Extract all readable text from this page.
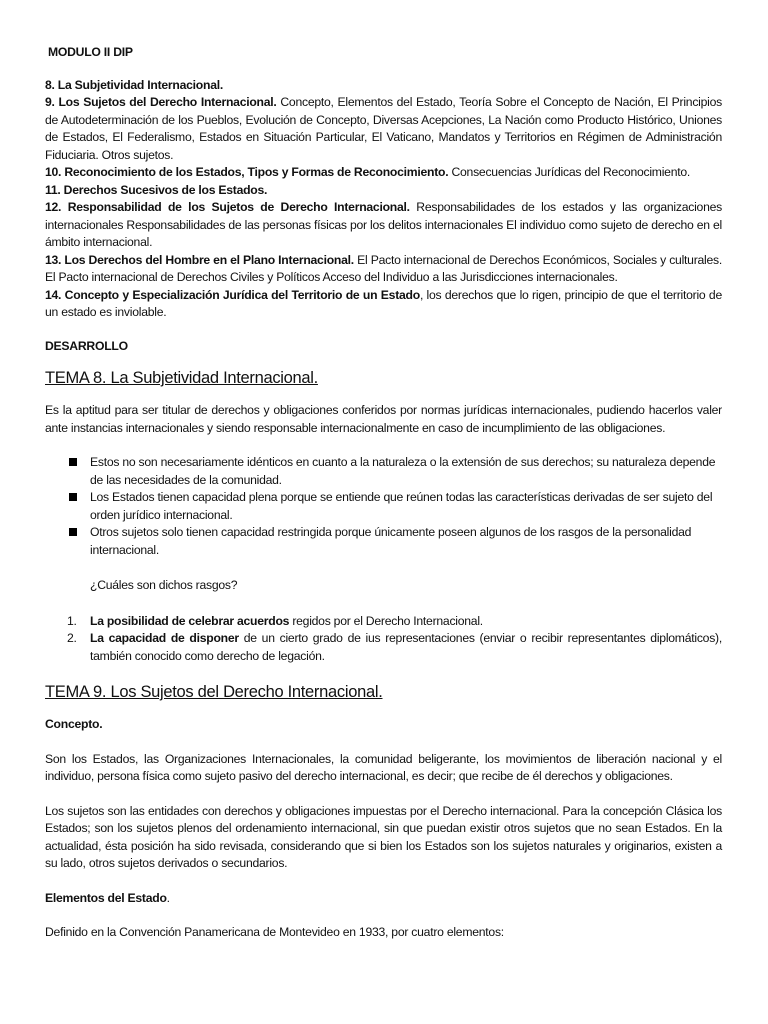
MODULO II DIP

8. La Subjetividad Internacional.

9. Los Sujetos del Derecho Internacional. Concepto, Elementos del Estado, Teoría Sobre el Concepto de Nación, El Principios de Autodeterminación de los Pueblos, Evolución de Concepto, Diversas Acepciones, La Nación como Producto Histórico, Uniones de Estados, El Federalismo, Estados en Situación Particular, El Vaticano, Mandatos y Territorios en Régimen de Administración Fiduciaria. Otros sujetos.

10. Reconocimiento de los Estados, Tipos y Formas de Reconocimiento. Consecuencias Jurídicas del Reconocimiento.

11. Derechos Sucesivos de los Estados.

12. Responsabilidad de los Sujetos de Derecho Internacional. Responsabilidades de los estados y las organizaciones internacionales Responsabilidades de las personas físicas por los delitos internacionales El individuo como sujeto de derecho en el ámbito internacional.

13. Los Derechos del Hombre en el Plano Internacional. El Pacto internacional de Derechos Económicos, Sociales y culturales. El Pacto internacional de Derechos Civiles y Políticos Acceso del Individuo a las Jurisdicciones internacionales.

14. Concepto y Especialización Jurídica del Territorio de un Estado, los derechos que lo rigen, principio de que el territorio de un estado es inviolable.

DESARROLLO
TEMA 8. La Subjetividad Internacional.

Es la aptitud para ser titular de derechos y obligaciones conferidos por normas jurídicas internacionales, pudiendo hacerlos valer ante instancias internacionales y siendo responsable internacionalmente en caso de incumplimiento de las obligaciones.

Estos no son necesariamente idénticos en cuanto a la naturaleza o la extensión de sus derechos; su naturaleza depende de las necesidades de la comunidad.
Los Estados tienen capacidad plena porque se entiende que reúnen todas las características derivadas de ser sujeto del orden jurídico internacional.
Otros sujetos solo tienen capacidad restringida porque únicamente poseen algunos de los rasgos de la personalidad internacional.
¿Cuáles son dichos rasgos?
1. La posibilidad de celebrar acuerdos regidos por el Derecho Internacional.
2. La capacidad de disponer de un cierto grado de ius representaciones (enviar o recibir representantes diplomáticos), también conocido como derecho de legación.
TEMA 9. Los Sujetos del Derecho Internacional.
Concepto.

Son los Estados, las Organizaciones Internacionales, la comunidad beligerante, los movimientos de liberación nacional y el individuo, persona física como sujeto pasivo del derecho internacional, es decir; que recibe de él derechos y obligaciones.

Los sujetos son las entidades con derechos y obligaciones impuestas por el Derecho internacional. Para la concepción Clásica los Estados; son los sujetos plenos del ordenamiento internacional, sin que puedan existir otros sujetos que no sean Estados. En la actualidad, ésta posición ha sido revisada, considerando que si bien los Estados son los sujetos naturales y originarios, existen a su lado, otros sujetos derivados o secundarios.

Elementos del Estado.

Definido en la Convención Panamericana de Montevideo en 1933, por cuatro elementos:
